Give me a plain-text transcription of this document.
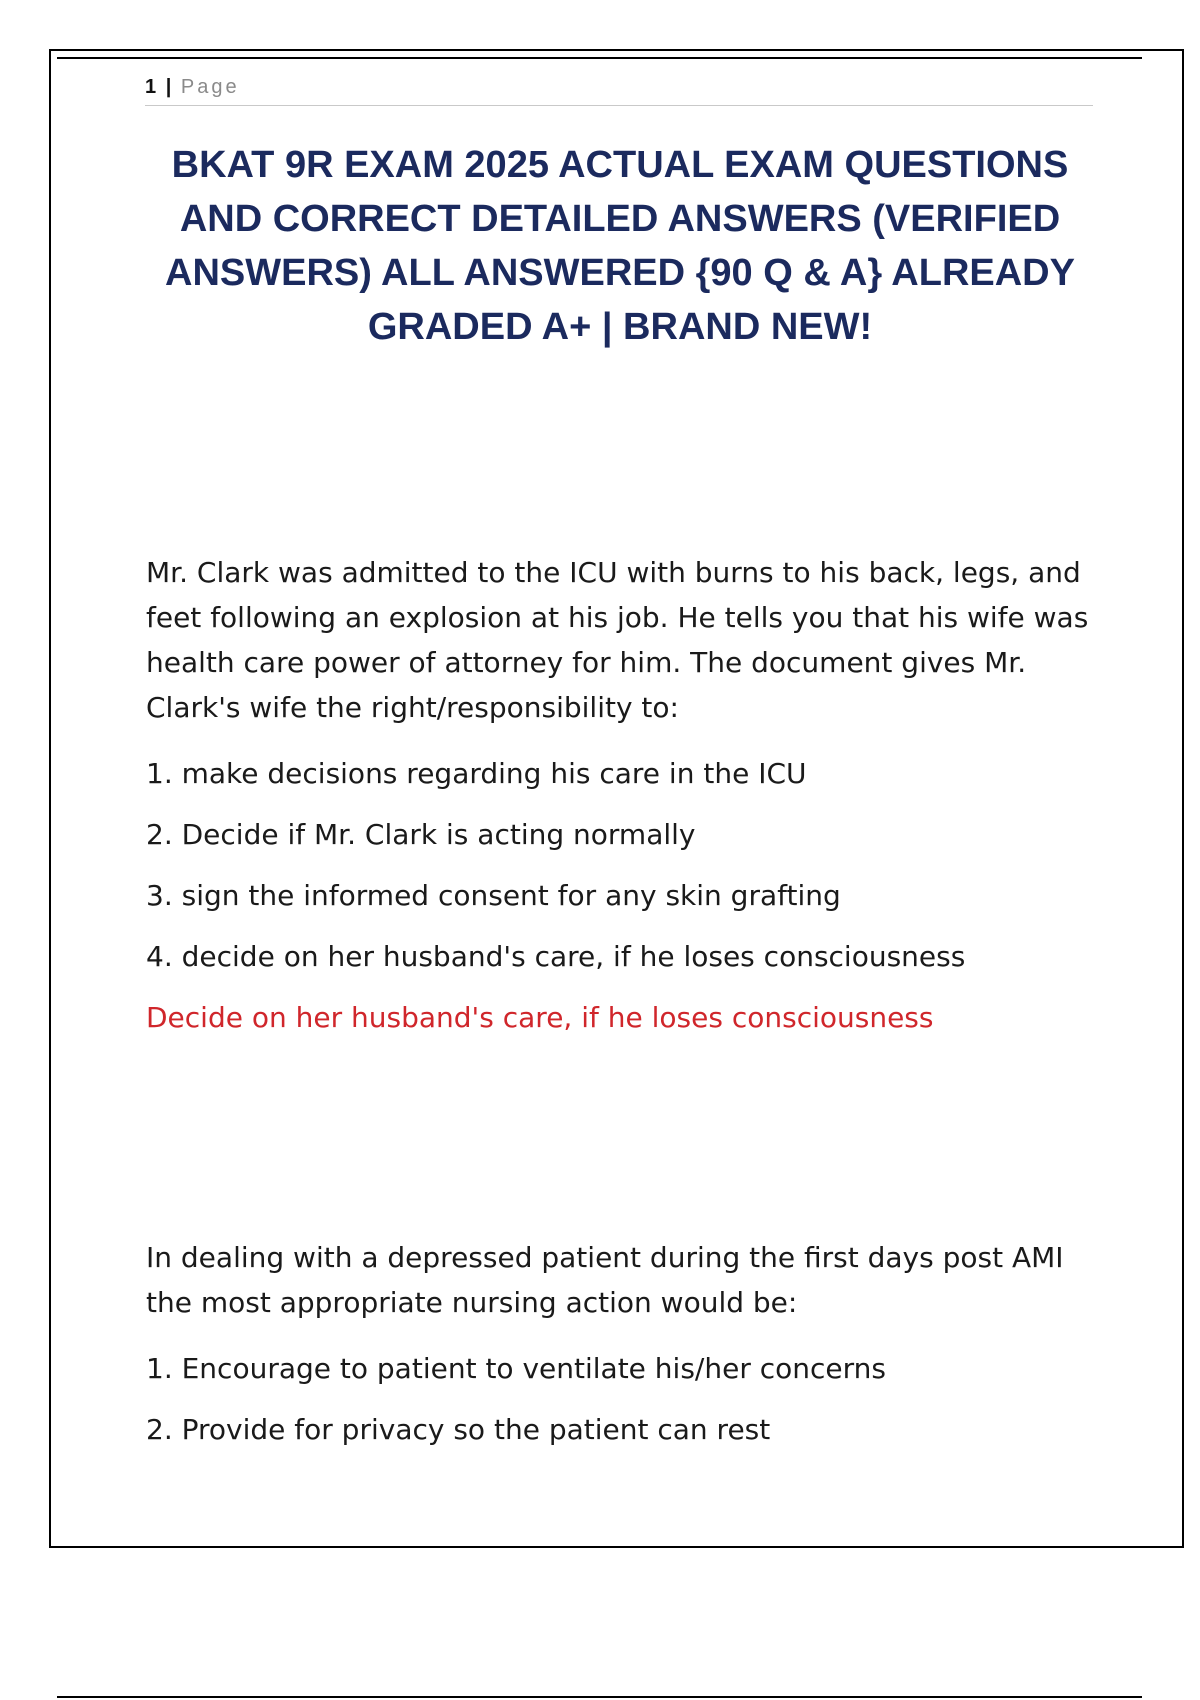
1 | Page
BKAT 9R EXAM 2025 ACTUAL EXAM QUESTIONS AND CORRECT DETAILED ANSWERS (VERIFIED ANSWERS) ALL ANSWERED {90 Q & A} ALREADY GRADED A+ | BRAND NEW!

Mr. Clark was admitted to the ICU with burns to his back, legs, and feet following an explosion at his job. He tells you that his wife was health care power of attorney for him. The document gives Mr. Clark's wife the right/responsibility to:

1. make decisions regarding his care in the ICU

2. Decide if Mr. Clark is acting normally

3. sign the informed consent for any skin grafting

4. decide on her husband's care, if he loses consciousness

Decide on her husband's care, if he loses consciousness

In dealing with a depressed patient during the first days post AMI the most appropriate nursing action would be:

1. Encourage to patient to ventilate his/her concerns

2. Provide for privacy so the patient can rest
